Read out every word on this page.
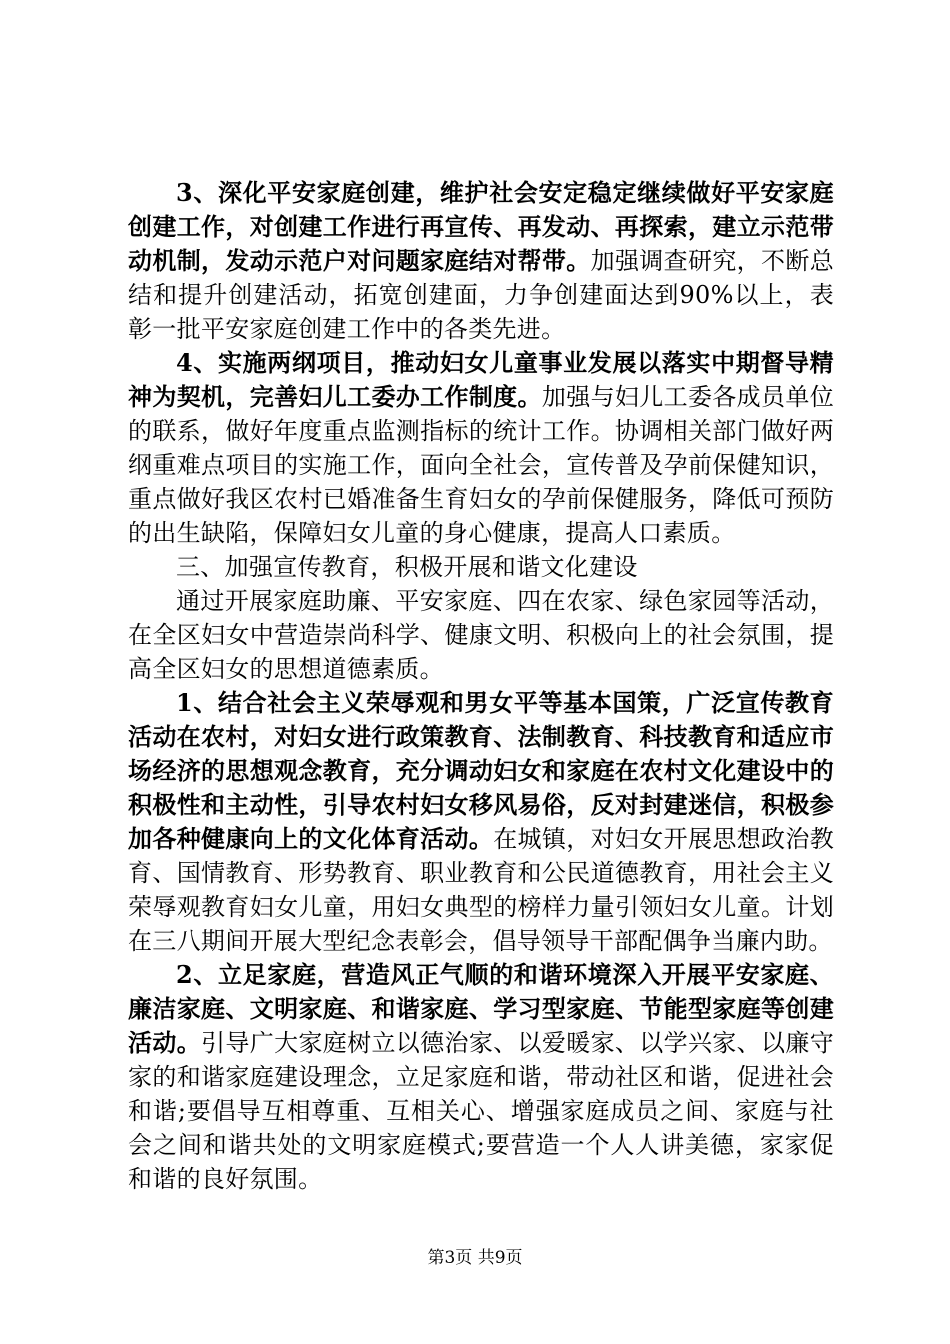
3、深化平安家庭创建，维护社会安定稳定继续做好平安家庭创建工作，对创建工作进行再宣传、再发动、再探索，建立示范带动机制，发动示范户对问题家庭结对帮带。加强调查研究，不断总结和提升创建活动，拓宽创建面，力争创建面达到90%以上，表彰一批平安家庭创建工作中的各类先进。

4、实施两纲项目，推动妇女儿童事业发展以落实中期督导精神为契机，完善妇儿工委办工作制度。加强与妇儿工委各成员单位的联系，做好年度重点监测指标的统计工作。协调相关部门做好两纲重难点项目的实施工作，面向全社会，宣传普及孕前保健知识，重点做好我区农村已婚准备生育妇女的孕前保健服务，降低可预防的出生缺陷，保障妇女儿童的身心健康，提高人口素质。

三、加强宣传教育，积极开展和谐文化建设

通过开展家庭助廉、平安家庭、四在农家、绿色家园等活动，在全区妇女中营造崇尚科学、健康文明、积极向上的社会氛围，提高全区妇女的思想道德素质。

1、结合社会主义荣辱观和男女平等基本国策，广泛宣传教育活动在农村，对妇女进行政策教育、法制教育、科技教育和适应市场经济的思想观念教育，充分调动妇女和家庭在农村文化建设中的积极性和主动性，引导农村妇女移风易俗，反对封建迷信，积极参加各种健康向上的文化体育活动。在城镇，对妇女开展思想政治教育、国情教育、形势教育、职业教育和公民道德教育，用社会主义荣辱观教育妇女儿童，用妇女典型的榜样力量引领妇女儿童。计划在三八期间开展大型纪念表彰会，倡导领导干部配偶争当廉内助。

2、立足家庭，营造风正气顺的和谐环境深入开展平安家庭、廉洁家庭、文明家庭、和谐家庭、学习型家庭、节能型家庭等创建活动。引导广大家庭树立以德治家、以爱暖家、以学兴家、以廉守家的和谐家庭建设理念，立足家庭和谐，带动社区和谐，促进社会和谐;要倡导互相尊重、互相关心、增强家庭成员之间、家庭与社会之间和谐共处的文明家庭模式;要营造一个人人讲美德，家家促和谐的良好氛围。

第3页 共9页
